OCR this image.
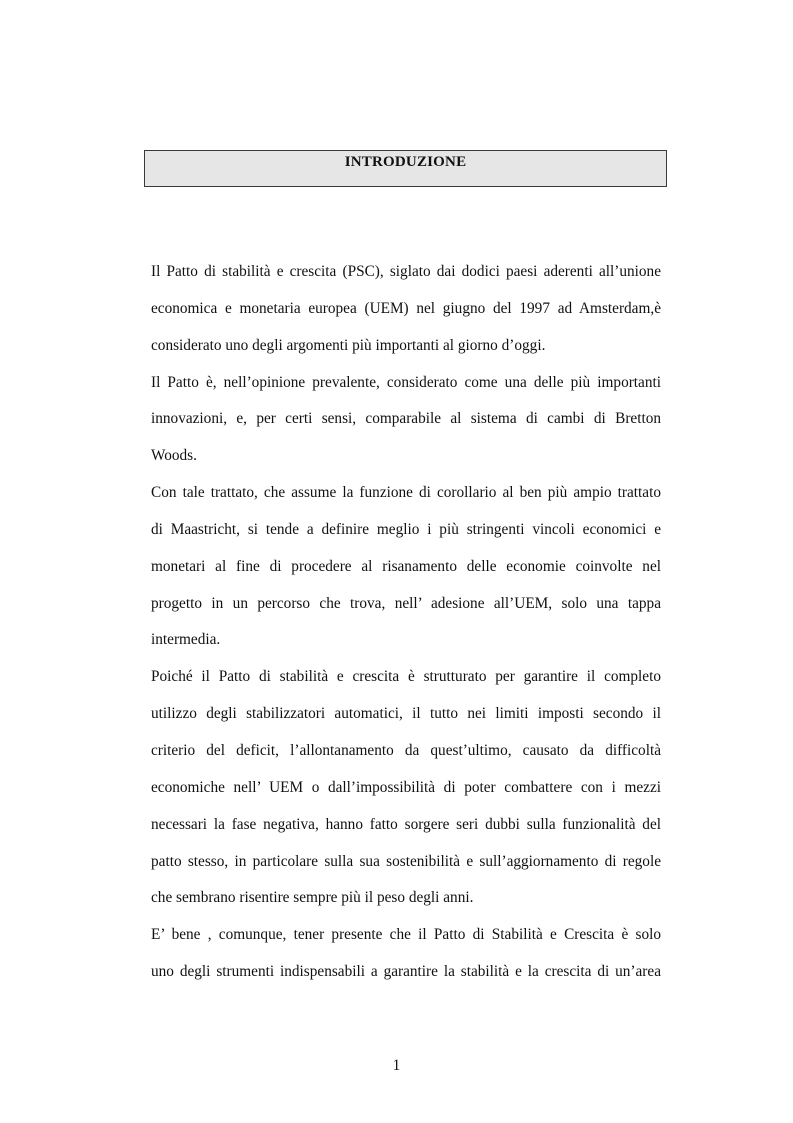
INTRODUZIONE
Il Patto di stabilità e crescita (PSC), siglato dai dodici paesi aderenti all’unione
economica e monetaria europea (UEM) nel giugno del 1997 ad Amsterdam,è
considerato uno degli argomenti più importanti al giorno d’oggi.
Il Patto è, nell’opinione prevalente, considerato come una delle più importanti
innovazioni, e, per certi sensi, comparabile al sistema di cambi di Bretton
Woods.
Con tale trattato, che assume la funzione di corollario al ben più ampio trattato
di Maastricht, si tende a definire meglio i più stringenti vincoli economici e
monetari al fine di procedere al risanamento delle economie coinvolte nel
progetto in un percorso che trova, nell’ adesione all’UEM, solo una tappa
intermedia.
Poiché il Patto di stabilità e crescita è strutturato per garantire il completo
utilizzo degli stabilizzatori automatici, il tutto nei limiti imposti secondo il
criterio del deficit, l’allontanamento da quest’ultimo, causato da difficoltà
economiche nell’ UEM o dall’impossibilità di poter combattere con i mezzi
necessari la fase negativa, hanno fatto sorgere seri dubbi sulla funzionalità del
patto stesso, in particolare sulla sua sostenibilità e sull’aggiornamento di regole
che sembrano risentire sempre più il peso degli anni.
E’ bene , comunque, tener presente che il Patto di Stabilità e Crescita è solo
uno degli strumenti indispensabili a garantire la stabilità e la crescita di un’area
1
